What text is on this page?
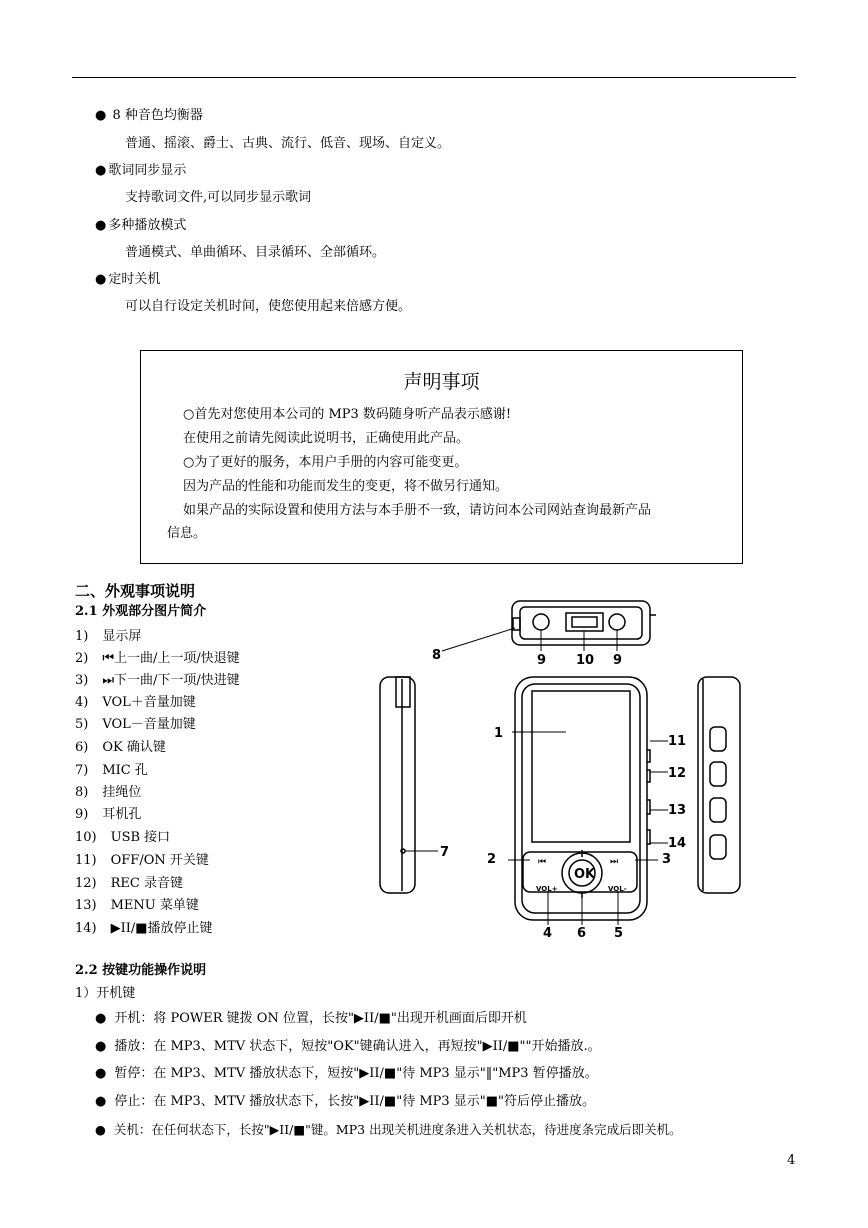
● 8 种音色均衡器
普通、摇滚、爵士、古典、流行、低音、现场、自定义。
● 歌词同步显示
支持歌词文件,可以同步显示歌词
● 多种播放模式
普通模式、单曲循环、目录循环、全部循环。
● 定时关机
可以自行设定关机时间，使您使用起来倍感方便。
声明事项
○首先对您使用本公司的 MP3 数码随身听产品表示感谢!
在使用之前请先阅读此说明书，正确使用此产品。
○为了更好的服务，本用户手册的内容可能变更。
因为产品的性能和功能而发生的变更，将不做另行通知。
如果产品的实际设置和使用方法与本手册不一致，请访问本公司网站查询最新产品
信息。
二、外观事项说明
2.1 外观部分图片简介
1) 显示屏
2) ⏮上一曲/上一项/快退键
3) ⏭下一曲/下一项/快进键
4) VOL＋音量加键
5) VOL－音量加键
6) OK 确认键
7) MIC 孔
8) 挂绳位
9) 耳机孔
10) USB 接口
11) OFF/ON 开关键
12) REC 录音键
13) MENU 菜单键
14) ▶II/■播放停止键
OK
VOL+	VOL-
⏮	⏭
8	9 10 9
1
7	2	3
4 6 5
11
12
13
14
2.2 按键功能操作说明
1）开机键
● 开机：将 POWER 键拨 ON 位置，长按"▶II/■"出现开机画面后即开机
● 播放：在 MP3、MTV 状态下，短按"OK"键确认进入，再短按"▶II/■""开始播放.。
● 暂停：在 MP3、MTV 播放状态下，短按"▶II/■"待 MP3 显示"‖"MP3 暂停播放。
● 停止：在 MP3、MTV 播放状态下，长按"▶II/■"待 MP3 显示"■"符后停止播放。
● 关机：在任何状态下，长按"▶II/■"键。MP3 出现关机进度条进入关机状态，待进度条完成后即关机。
4
